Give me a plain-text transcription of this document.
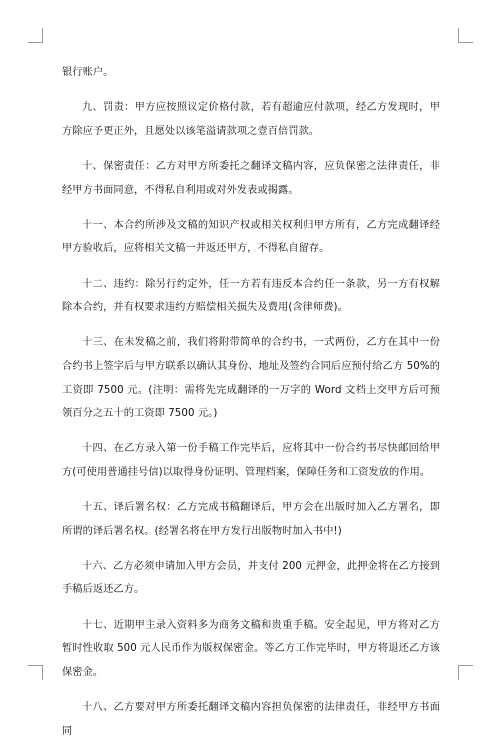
银行账户。

九、罚责：甲方应按照议定价格付款，若有超逾应付款项，经乙方发现时，甲方除应予更正外，且愿处以该笔溢请款项之壹百倍罚款。

十、保密责任：乙方对甲方所委托之翻译文稿内容，应负保密之法律责任，非经甲方书面同意，不得私自利用或对外发表或揭露。

十一、本合约所涉及文稿的知识产权或相关权利归甲方所有，乙方完成翻译经甲方验收后，应将相关文稿一并返还甲方，不得私自留存。

十二、违约：除另行约定外，任一方若有违反本合约任一条款，另一方有权解除本合约，并有权要求违约方赔偿相关损失及费用(含律师费)。

十三、在未发稿之前，我们将附带简单的合约书，一式两份，乙方在其中一份合约书上签字后与甲方联系以确认其身份、地址及签约合同后应预付给乙方 50%的工资即 7500 元。(注明：需将先完成翻译的一万字的 Word 文档上交甲方后可预领百分之五十的工资即 7500 元。)

十四、在乙方录入第一份手稿工作完毕后，应将其中一份合约书尽快邮回给甲方(可使用普通挂号信)以取得身份证明、管理档案，保障任务和工资发放的作用。

十五、译后署名权：乙方完成书稿翻译后，甲方会在出版时加入乙方署名，即所谓的译后署名权。(经署名将在甲方发行出版物时加入书中!)

十六、乙方必须申请加入甲方会员，并支付 200 元押金，此押金将在乙方接到手稿后返还乙方。

十七、近期甲主录入资料多为商务文稿和贵重手稿。安全起见，甲方将对乙方暂时性收取 500 元人民币作为版权保密金。等乙方工作完毕时，甲方将退还乙方该保密金。

十八、乙方要对甲方所委托翻译文稿内容担负保密的法律责任，非经甲方书面同
